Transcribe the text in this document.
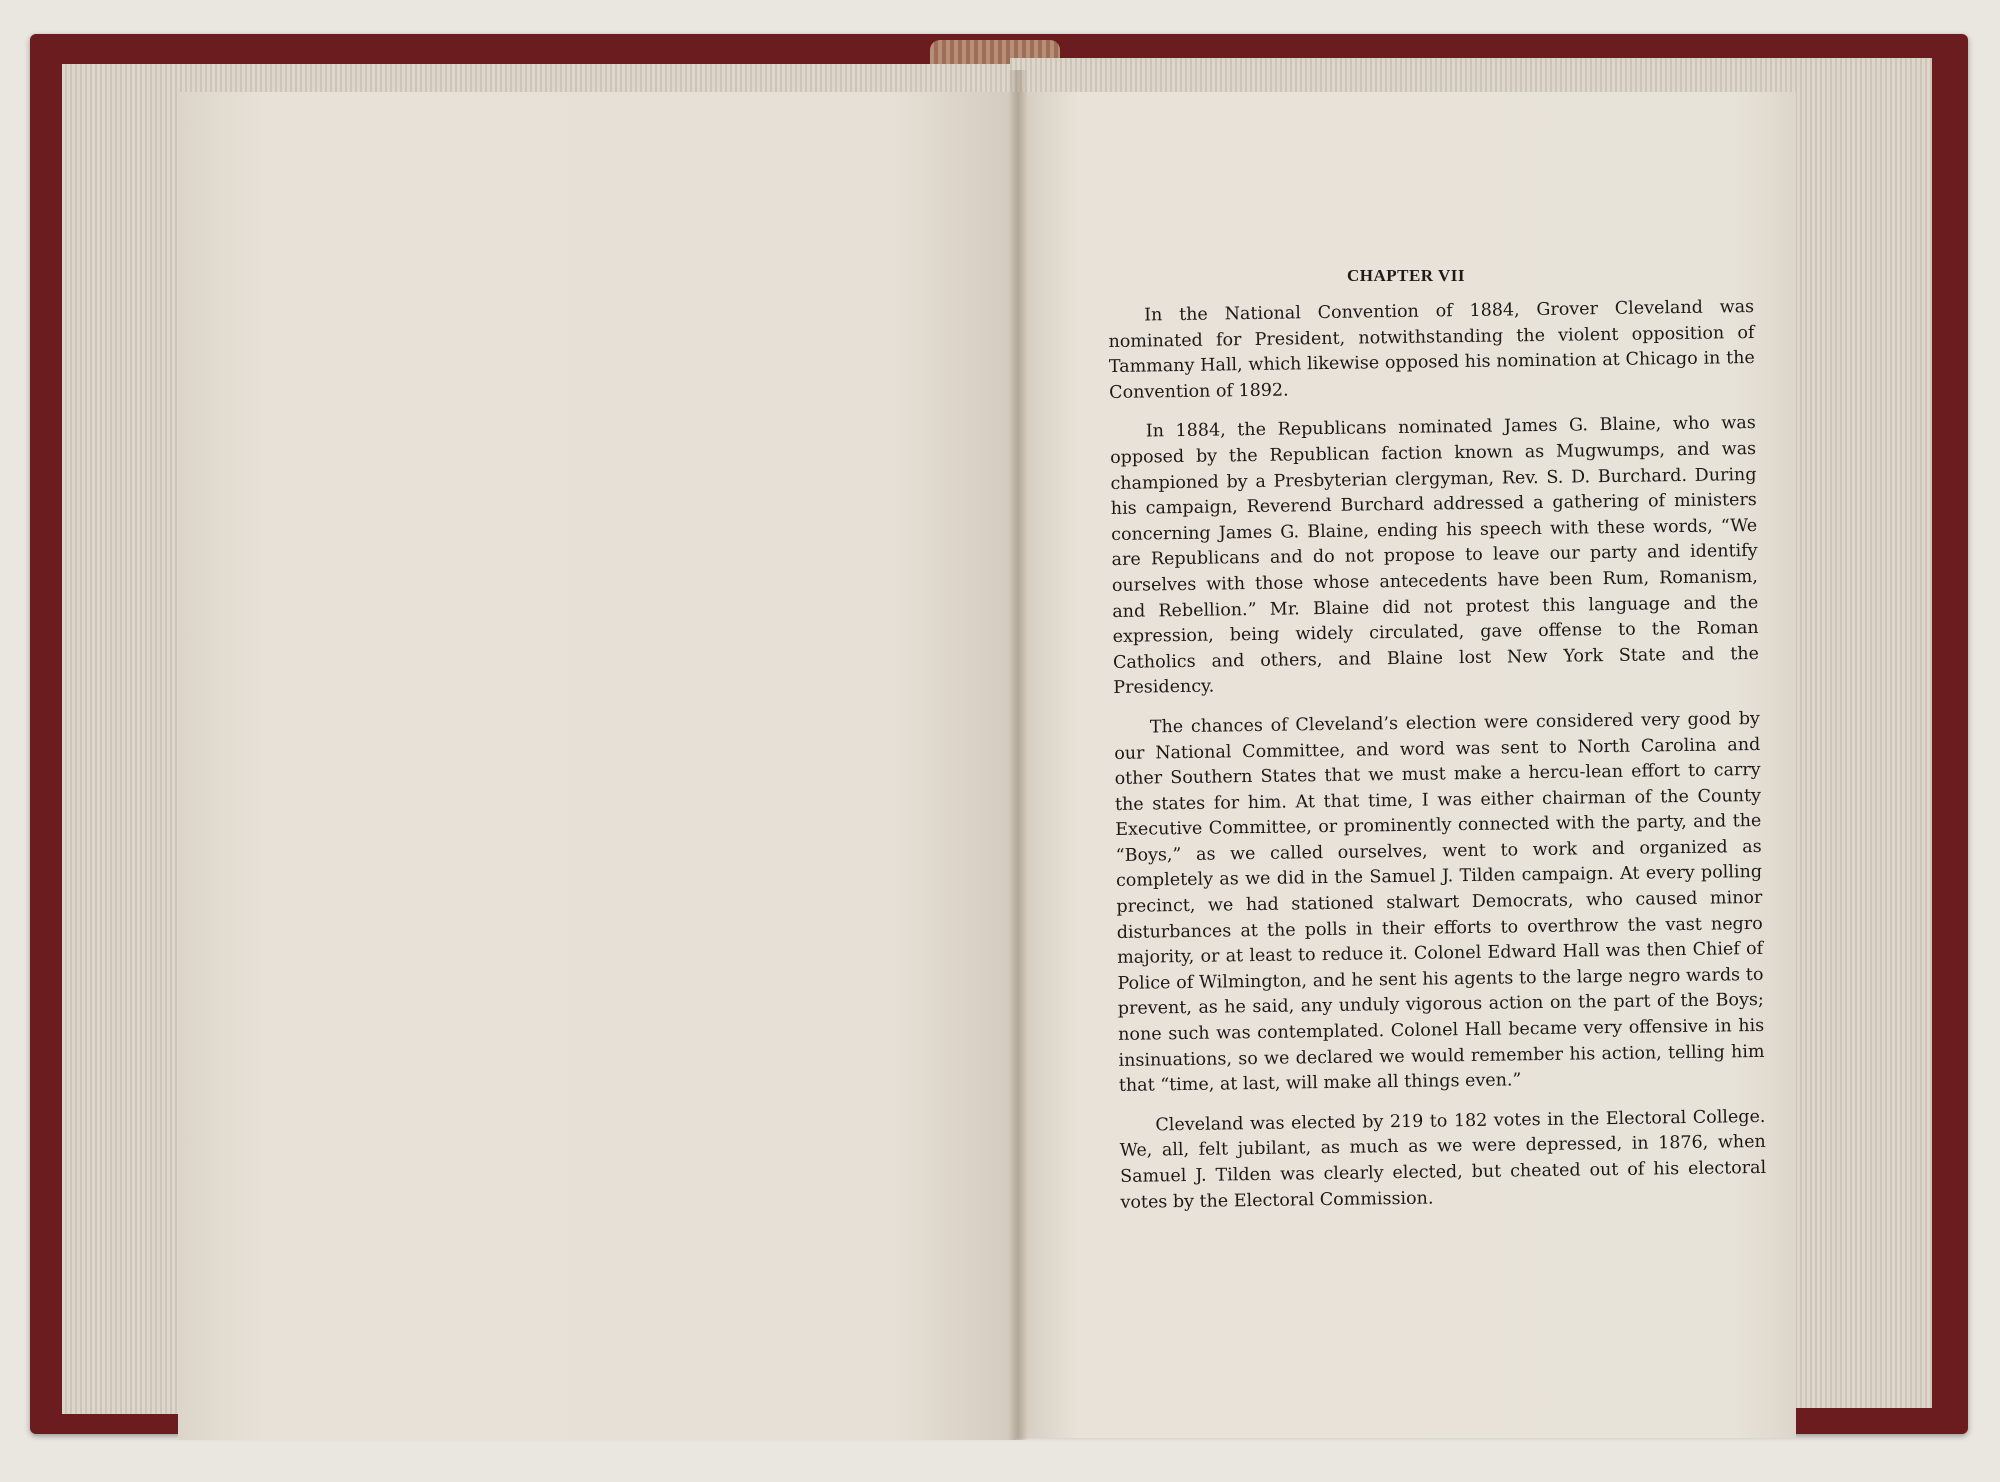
CHAPTER VII

In the National Convention of 1884, Grover Cleveland was nominated for President, notwithstanding the violent opposition of Tammany Hall, which likewise opposed his nomination at Chicago in the Convention of 1892.

In 1884, the Republicans nominated James G. Blaine, who was opposed by the Republican faction known as Mugwumps, and was championed by a Presbyterian clergyman, Rev. S. D. Burchard. During his campaign, Reverend Burchard addressed a gathering of ministers concerning James G. Blaine, ending his speech with these words, “We are Republicans and do not propose to leave our party and identify ourselves with those whose antecedents have been Rum, Romanism, and Rebellion.” Mr. Blaine did not protest this language and the expression, being widely circulated, gave offense to the Roman Catholics and others, and Blaine lost New York State and the Presidency.

The chances of Cleveland’s election were considered very good by our National Committee, and word was sent to North Carolina and other Southern States that we must make a hercu-lean effort to carry the states for him. At that time, I was either chairman of the County Executive Committee, or prominently connected with the party, and the “Boys,” as we called ourselves, went to work and organized as completely as we did in the Samuel J. Tilden campaign. At every polling precinct, we had stationed stalwart Democrats, who caused minor disturbances at the polls in their efforts to overthrow the vast negro majority, or at least to reduce it. Colonel Edward Hall was then Chief of Police of Wilmington, and he sent his agents to the large negro wards to prevent, as he said, any unduly vigorous action on the part of the Boys; none such was contemplated. Colonel Hall became very offensive in his insinuations, so we declared we would remember his action, telling him that “time, at last, will make all things even.”

Cleveland was elected by 219 to 182 votes in the Electoral College. We, all, felt jubilant, as much as we were depressed, in 1876, when Samuel J. Tilden was clearly elected, but cheated out of his electoral votes by the Electoral Commission.
